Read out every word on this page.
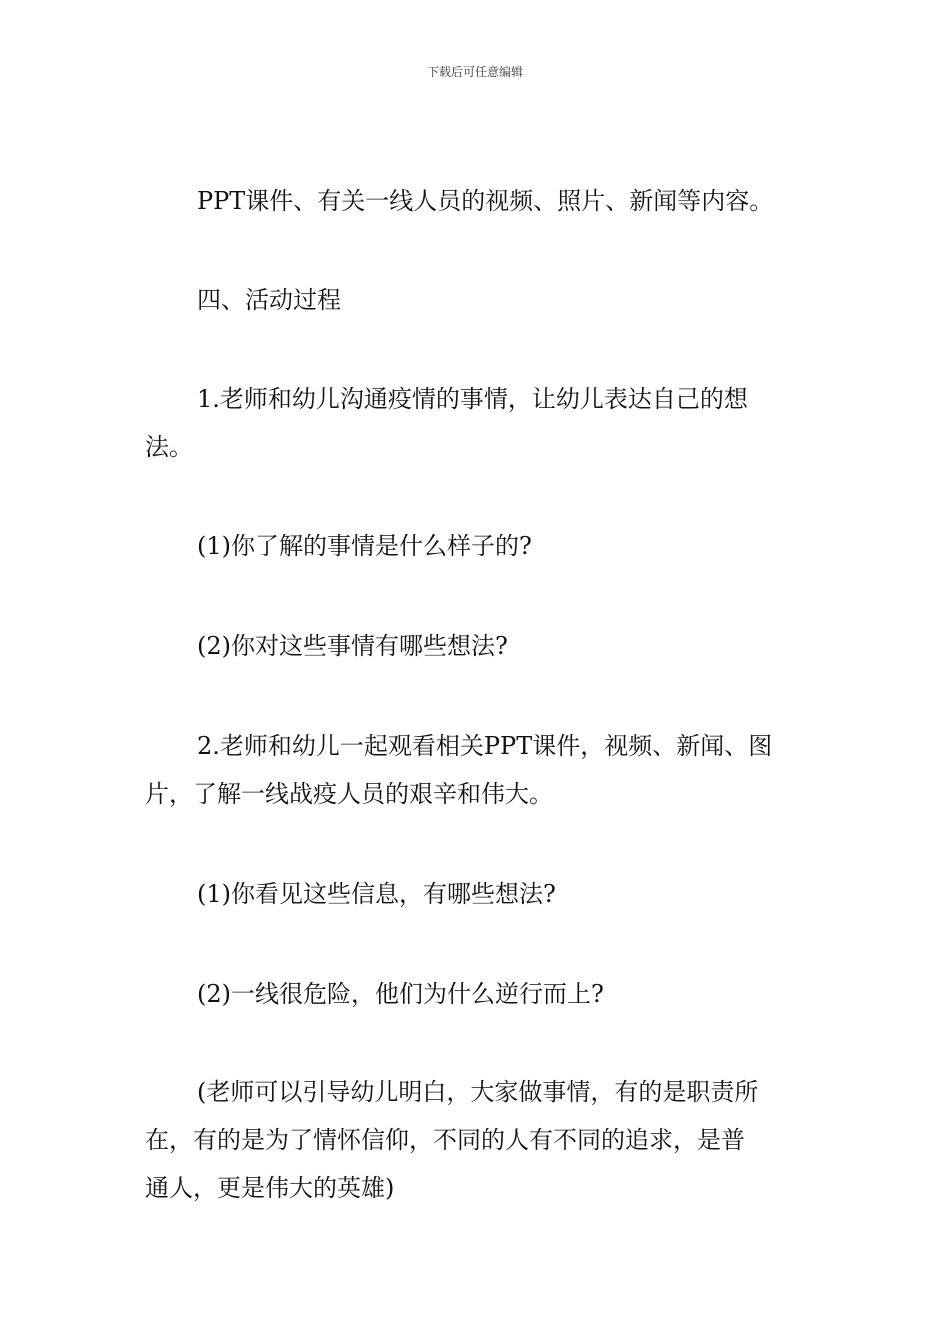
下载后可任意编辑
PPT课件、有关一线人员的视频、照片、新闻等内容。
四、活动过程
1.老师和幼儿沟通疫情的事情，让幼儿表达自己的想
法。
(1)你了解的事情是什么样子的?
(2)你对这些事情有哪些想法?
2.老师和幼儿一起观看相关PPT课件，视频、新闻、图
片，了解一线战疫人员的艰辛和伟大。
(1)你看见这些信息，有哪些想法?
(2)一线很危险，他们为什么逆行而上?
(老师可以引导幼儿明白，大家做事情，有的是职责所
在，有的是为了情怀信仰，不同的人有不同的追求，是普
通人，更是伟大的英雄)
